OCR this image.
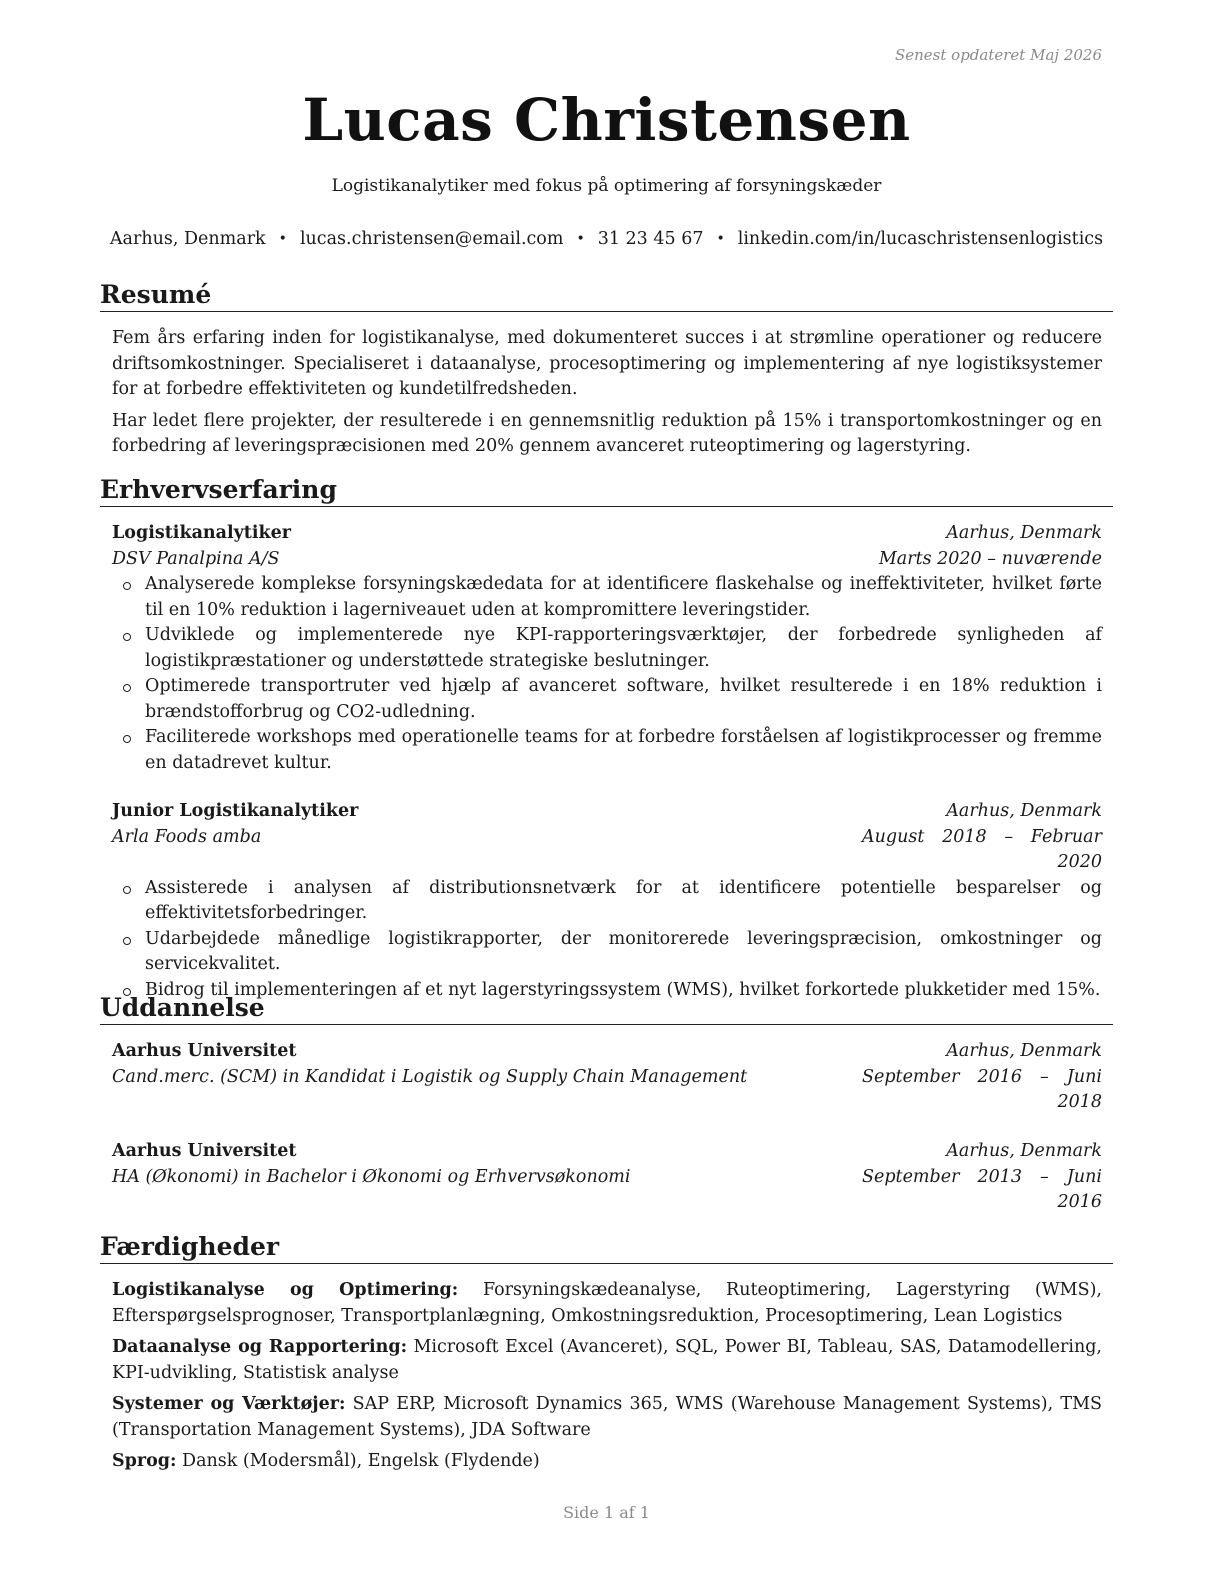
Senest opdateret Maj 2026
Lucas Christensen
Logistikanalytiker med fokus på optimering af forsyningskæder
Aarhus, Denmark • lucas.christensen@email.com • 31 23 45 67 • linkedin.com/in/lucaschristensenlogistics
Resumé

Fem års erfaring inden for logistikanalyse, med dokumenteret succes i at strømline operationer og reducere driftsomkostninger. Specialiseret i dataanalyse, procesoptimering og implementering af nye logistiksystemer for at forbedre effektiviteten og kundetilfredsheden.

Har ledet flere projekter, der resulterede i en gennemsnitlig reduktion på 15% i transportomkostninger og en forbedring af leveringspræcisionen med 20% gennem avanceret ruteoptimering og lagerstyring.

Erhvervserfaring
Logistikanalytiker	Aarhus, Denmark
DSV Panalpina A/S	Marts 2020 – nuværende
Analyserede komplekse forsyningskædedata for at identificere flaskehalse og ineffektiviteter, hvilket førte til en 10% reduktion i lagerniveauet uden at kompromittere leveringstider.
Udviklede og implementerede nye KPI-rapporteringsværktøjer, der forbedrede synligheden af logistikpræstationer og understøttede strategiske beslutninger.
Optimerede transportruter ved hjælp af avanceret software, hvilket resulterede i en 18% reduktion i brændstofforbrug og CO2-udledning.
Faciliterede workshops med operationelle teams for at forbedre forståelsen af logistikprocesser og fremme en datadrevet kultur.
Junior Logistikanalytiker	Aarhus, Denmark
Arla Foods amba	August 2018 – Februar 2020
Assisterede i analysen af distributionsnetværk for at identificere potentielle besparelser og effektivitetsforbedringer.
Udarbejdede månedlige logistikrapporter, der monitorerede leveringspræcision, omkostninger og servicekvalitet.
Bidrog til implementeringen af et nyt lagerstyringssystem (WMS), hvilket forkortede plukketider med 15%.
Uddannelse
Aarhus Universitet	Aarhus, Denmark
Cand.merc. (SCM) in Kandidat i Logistik og Supply Chain Management	September 2016 – Juni 2018
Aarhus Universitet	Aarhus, Denmark
HA (Økonomi) in Bachelor i Økonomi og Erhvervsøkonomi	September 2013 – Juni 2016
Færdigheder

Logistikanalyse og Optimering: Forsyningskædeanalyse, Ruteoptimering, Lagerstyring (WMS), Efterspørgselsprognoser, Transportplanlægning, Omkostningsreduktion, Procesoptimering, Lean Logistics

Dataanalyse og Rapportering: Microsoft Excel (Avanceret), SQL, Power BI, Tableau, SAS, Datamodellering, KPI-udvikling, Statistisk analyse

Systemer og Værktøjer: SAP ERP, Microsoft Dynamics 365, WMS (Warehouse Management Systems), TMS (Transportation Management Systems), JDA Software

Sprog: Dansk (Modersmål), Engelsk (Flydende)

Side 1 af 1
